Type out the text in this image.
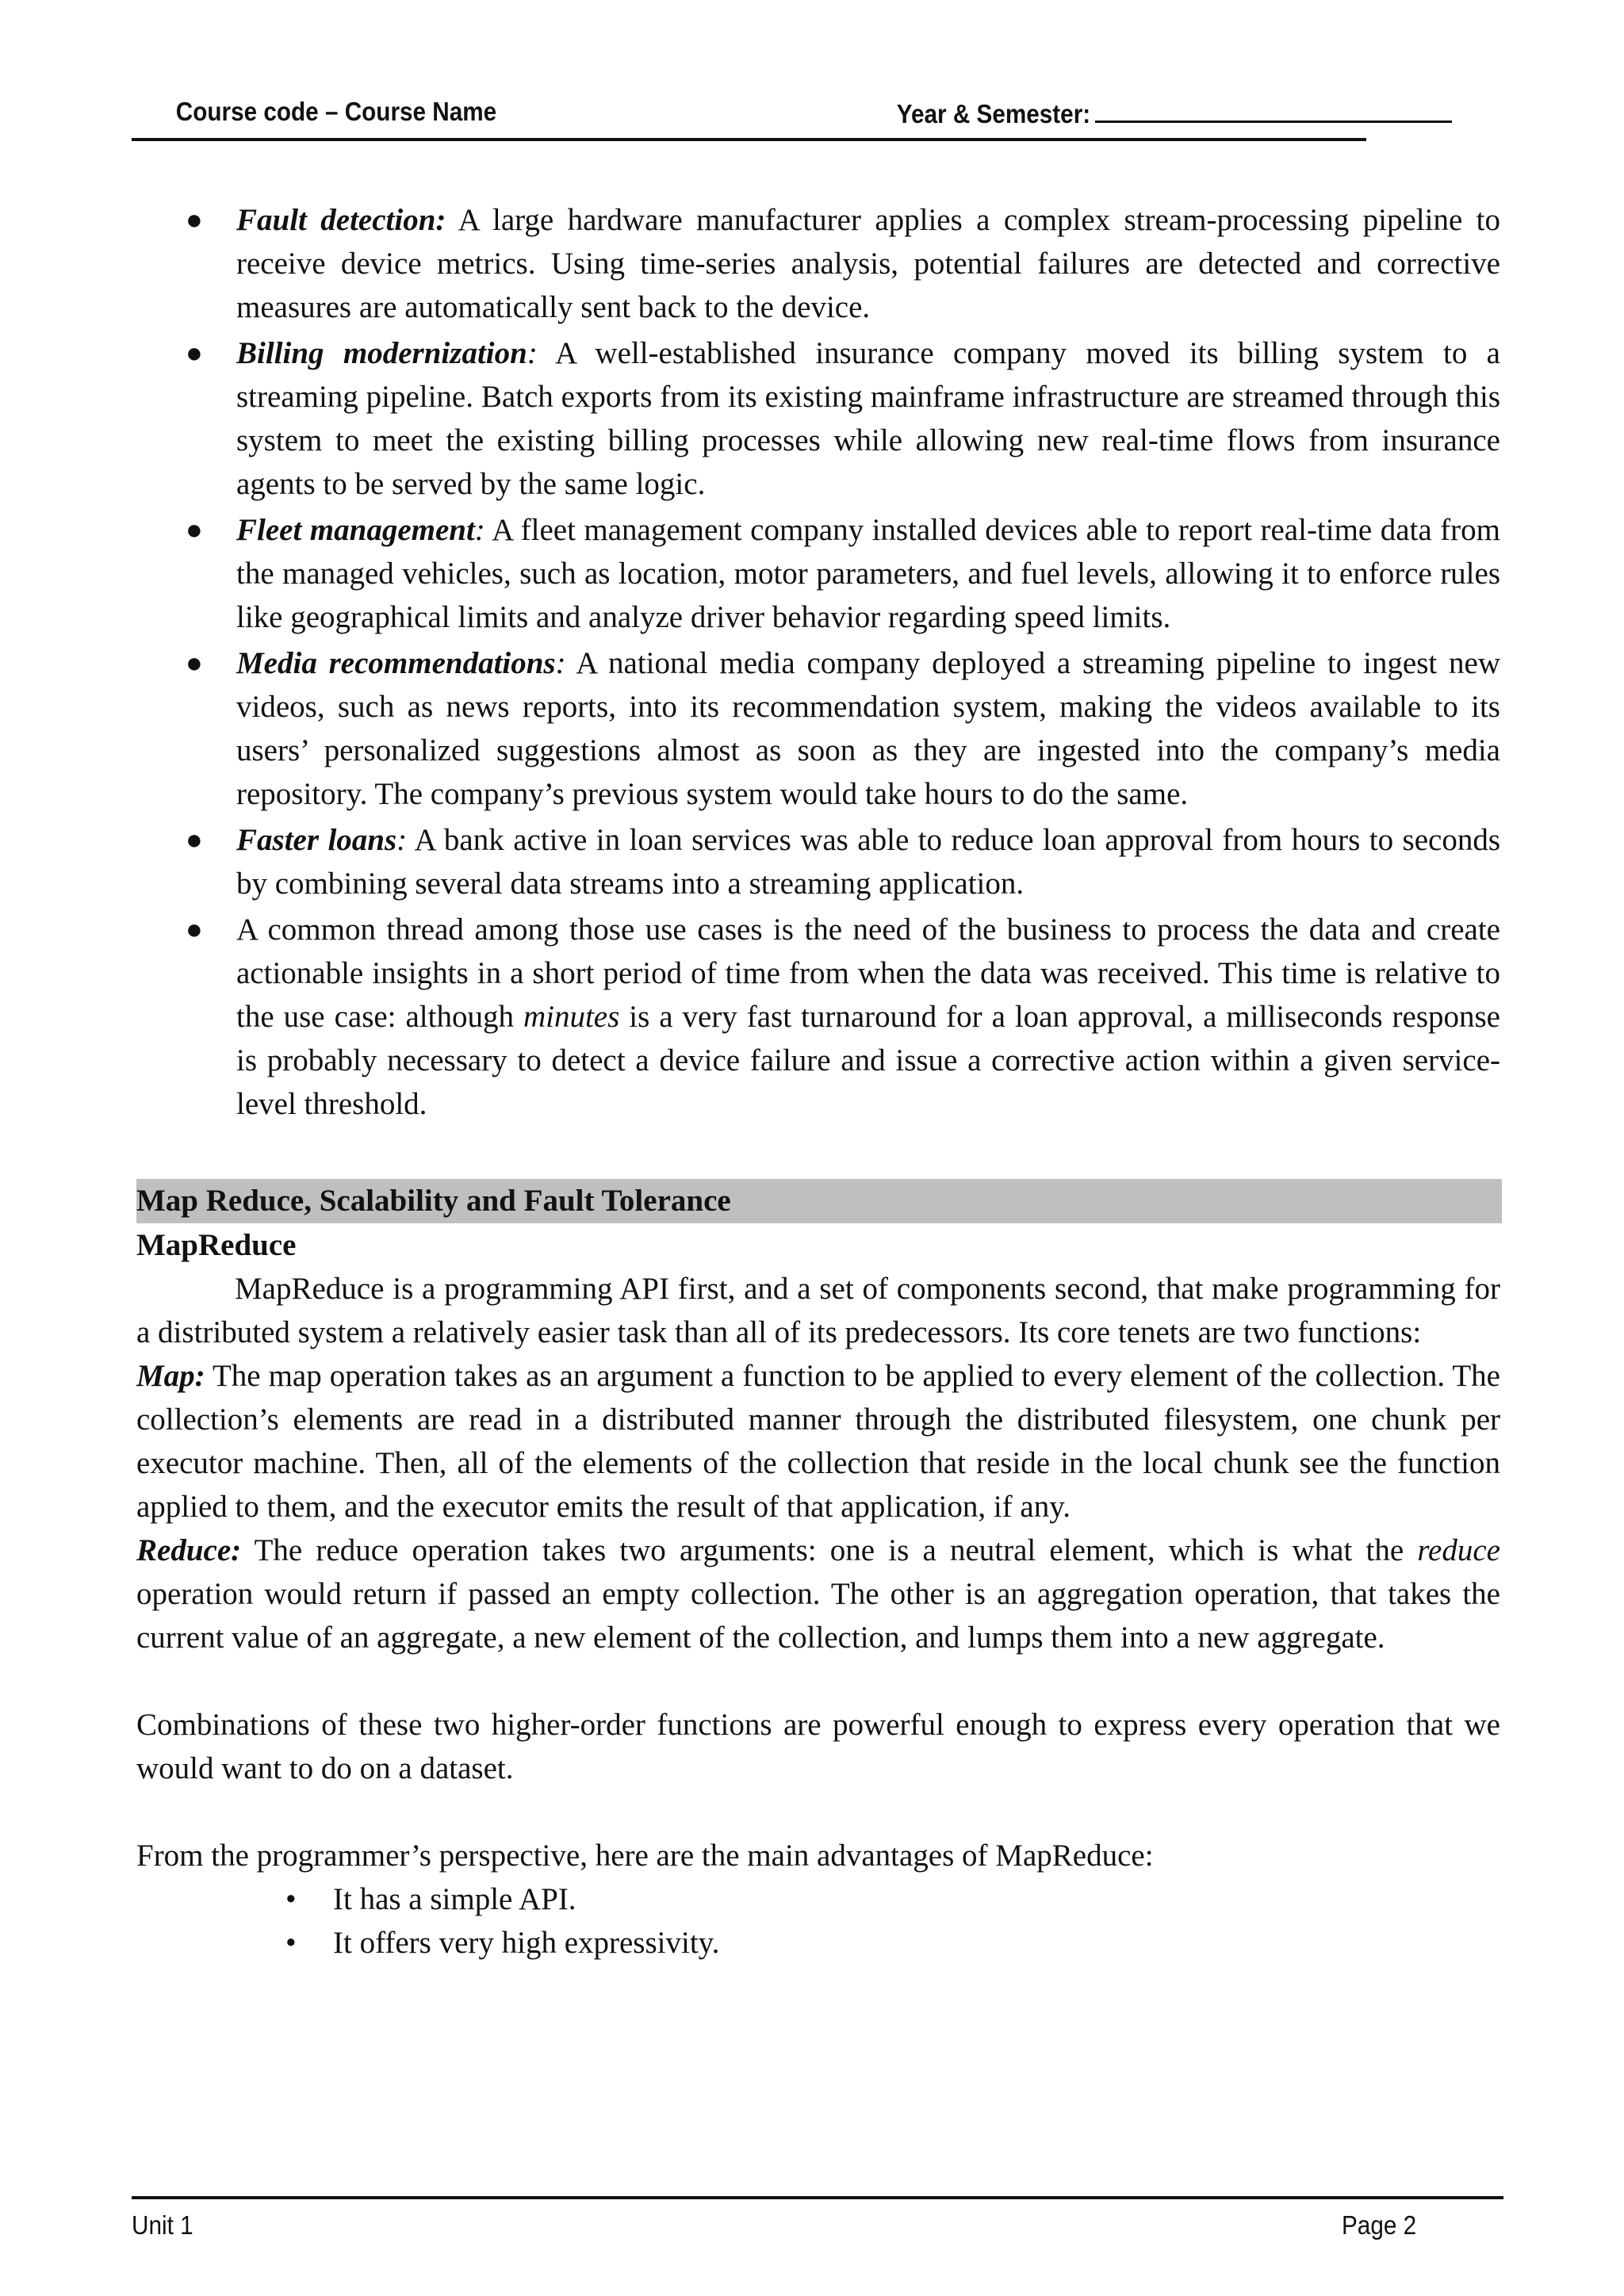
Course code – Course Name	Year & Semester:
● Fault detection: A large hardware manufacturer applies a complex stream-processing pipeline to receive device metrics. Using time-series analysis, potential failures are detected and corrective measures are automatically sent back to the device.
● Billing modernization: A well-established insurance company moved its billing system to a streaming pipeline. Batch exports from its existing mainframe infrastructure are streamed through this system to meet the existing billing processes while allowing new real-time flows from insurance agents to be served by the same logic.
● Fleet management: A fleet management company installed devices able to report real-time data from the managed vehicles, such as location, motor parameters, and fuel levels, allowing it to enforce rules like geographical limits and analyze driver behavior regarding speed limits.
● Media recommendations: A national media company deployed a streaming pipeline to ingest new videos, such as news reports, into its recommendation system, making the videos available to its users’ personalized suggestions almost as soon as they are ingested into the company’s media repository. The company’s previous system would take hours to do the same.
● Faster loans: A bank active in loan services was able to reduce loan approval from hours to seconds by combining several data streams into a streaming application.
● A common thread among those use cases is the need of the business to process the data and create actionable insights in a short period of time from when the data was received. This time is relative to the use case: although minutes is a very fast turnaround for a loan approval, a milliseconds response is probably necessary to detect a device failure and issue a corrective action within a given service-level threshold.
Map Reduce, Scalability and Fault Tolerance

MapReduce

MapReduce is a programming API first, and a set of components second, that make programming for a distributed system a relatively easier task than all of its predecessors. Its core tenets are two functions:

Map: The map operation takes as an argument a function to be applied to every element of the collection. The collection’s elements are read in a distributed manner through the distributed filesystem, one chunk per executor machine. Then, all of the elements of the collection that reside in the local chunk see the function applied to them, and the executor emits the result of that application, if any.

Reduce: The reduce operation takes two arguments: one is a neutral element, which is what the reduce operation would return if passed an empty collection. The other is an aggregation operation, that takes the current value of an aggregate, a new element of the collection, and lumps them into a new aggregate.

Combinations of these two higher-order functions are powerful enough to express every operation that we would want to do on a dataset.

From the programmer’s perspective, here are the main advantages of MapReduce:

• It has a simple API.
• It offers very high expressivity.
Unit 1	Page 2
